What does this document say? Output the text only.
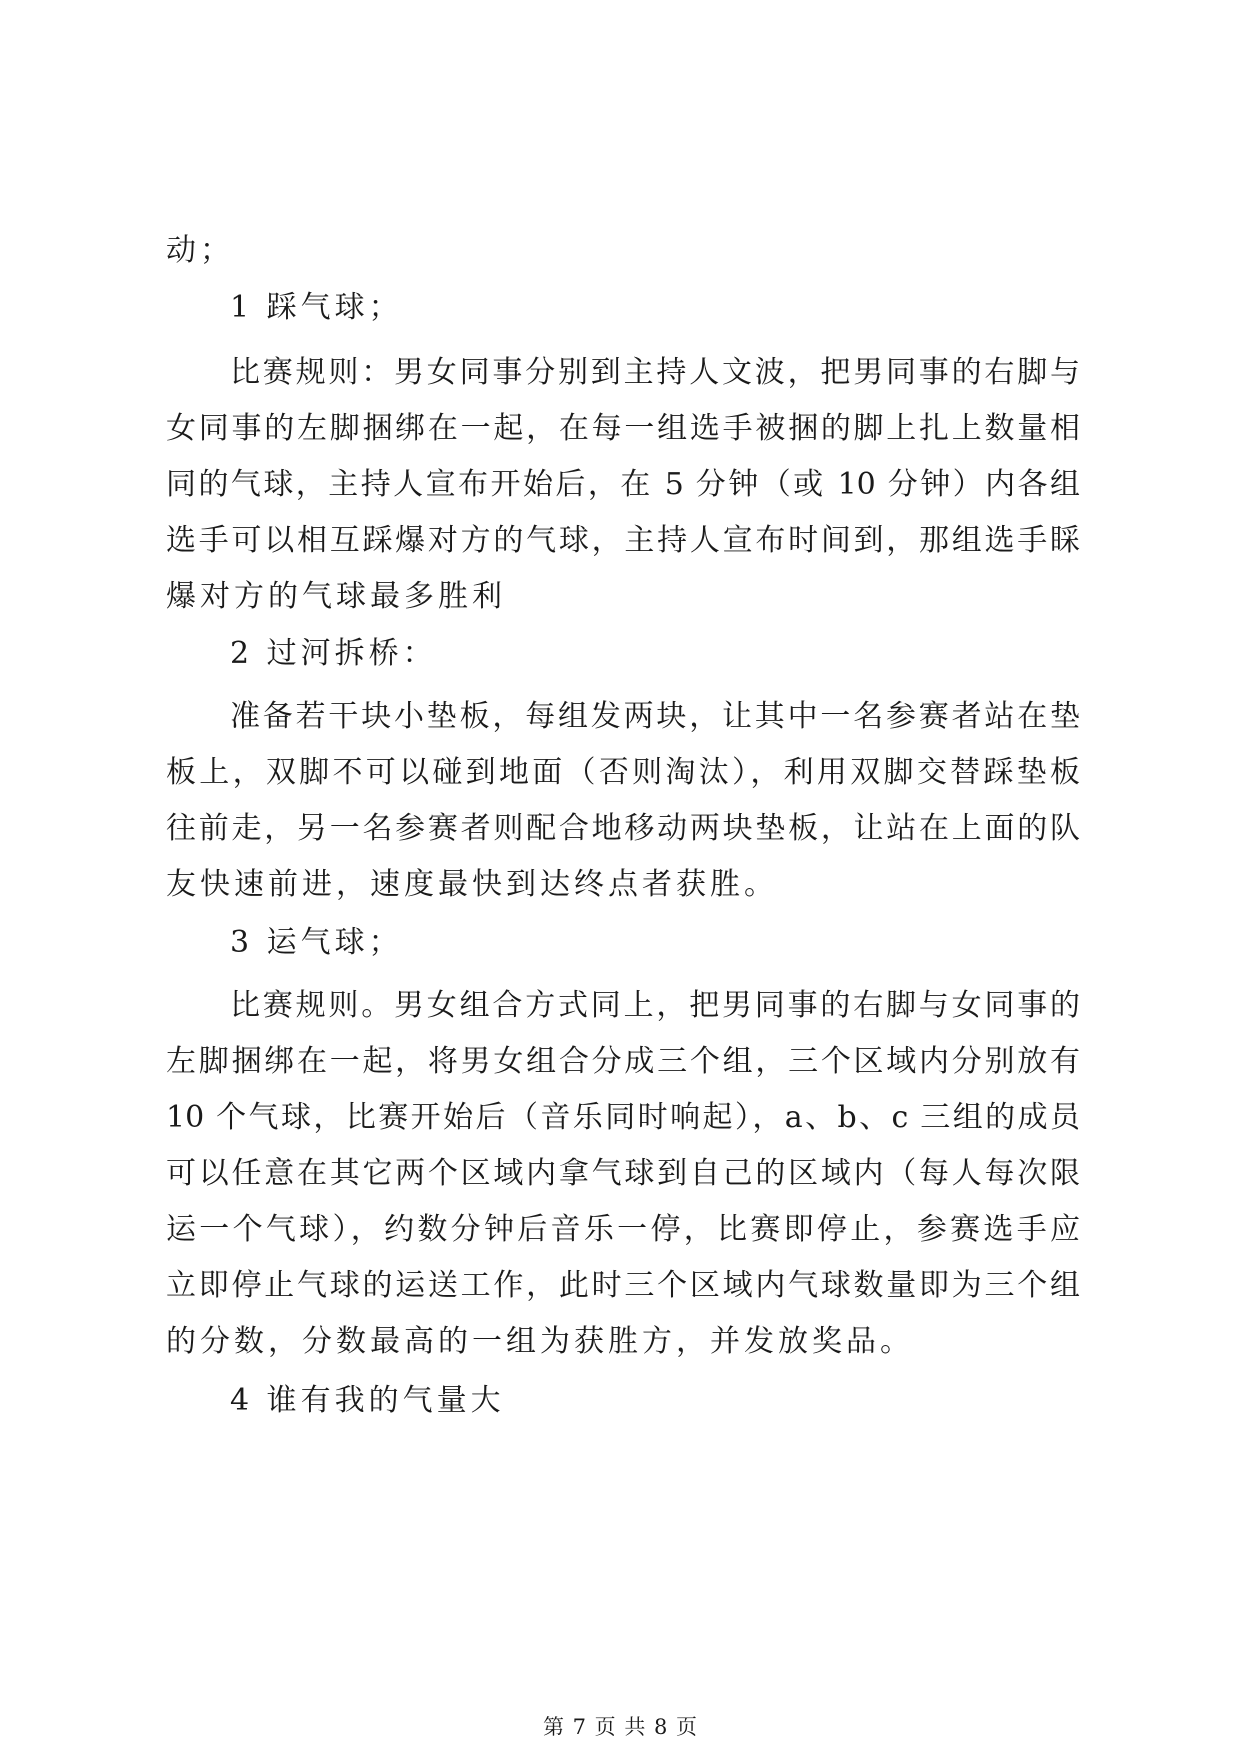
动；
1 踩气球；
比赛规则：男女同事分别到主持人文波，把男同事的右脚与
女同事的左脚捆绑在一起，在每一组选手被捆的脚上扎上数量相
同的气球，主持人宣布开始后，在 5 分钟（或 10 分钟）内各组
选手可以相互踩爆对方的气球，主持人宣布时间到，那组选手睬
爆对方的气球最多胜利
2 过河拆桥：
准备若干块小垫板，每组发两块，让其中一名参赛者站在垫
板上，双脚不可以碰到地面（否则淘汰），利用双脚交替踩垫板
往前走，另一名参赛者则配合地移动两块垫板，让站在上面的队
友快速前进，速度最快到达终点者获胜。
3 运气球；
比赛规则。男女组合方式同上，把男同事的右脚与女同事的
左脚捆绑在一起，将男女组合分成三个组，三个区域内分别放有
10 个气球，比赛开始后（音乐同时响起），a、b、c 三组的成员
可以任意在其它两个区域内拿气球到自己的区域内（每人每次限
运一个气球），约数分钟后音乐一停，比赛即停止，参赛选手应
立即停止气球的运送工作，此时三个区域内气球数量即为三个组
的分数，分数最高的一组为获胜方，并发放奖品。
4 谁有我的气量大
第 7 页 共 8 页
